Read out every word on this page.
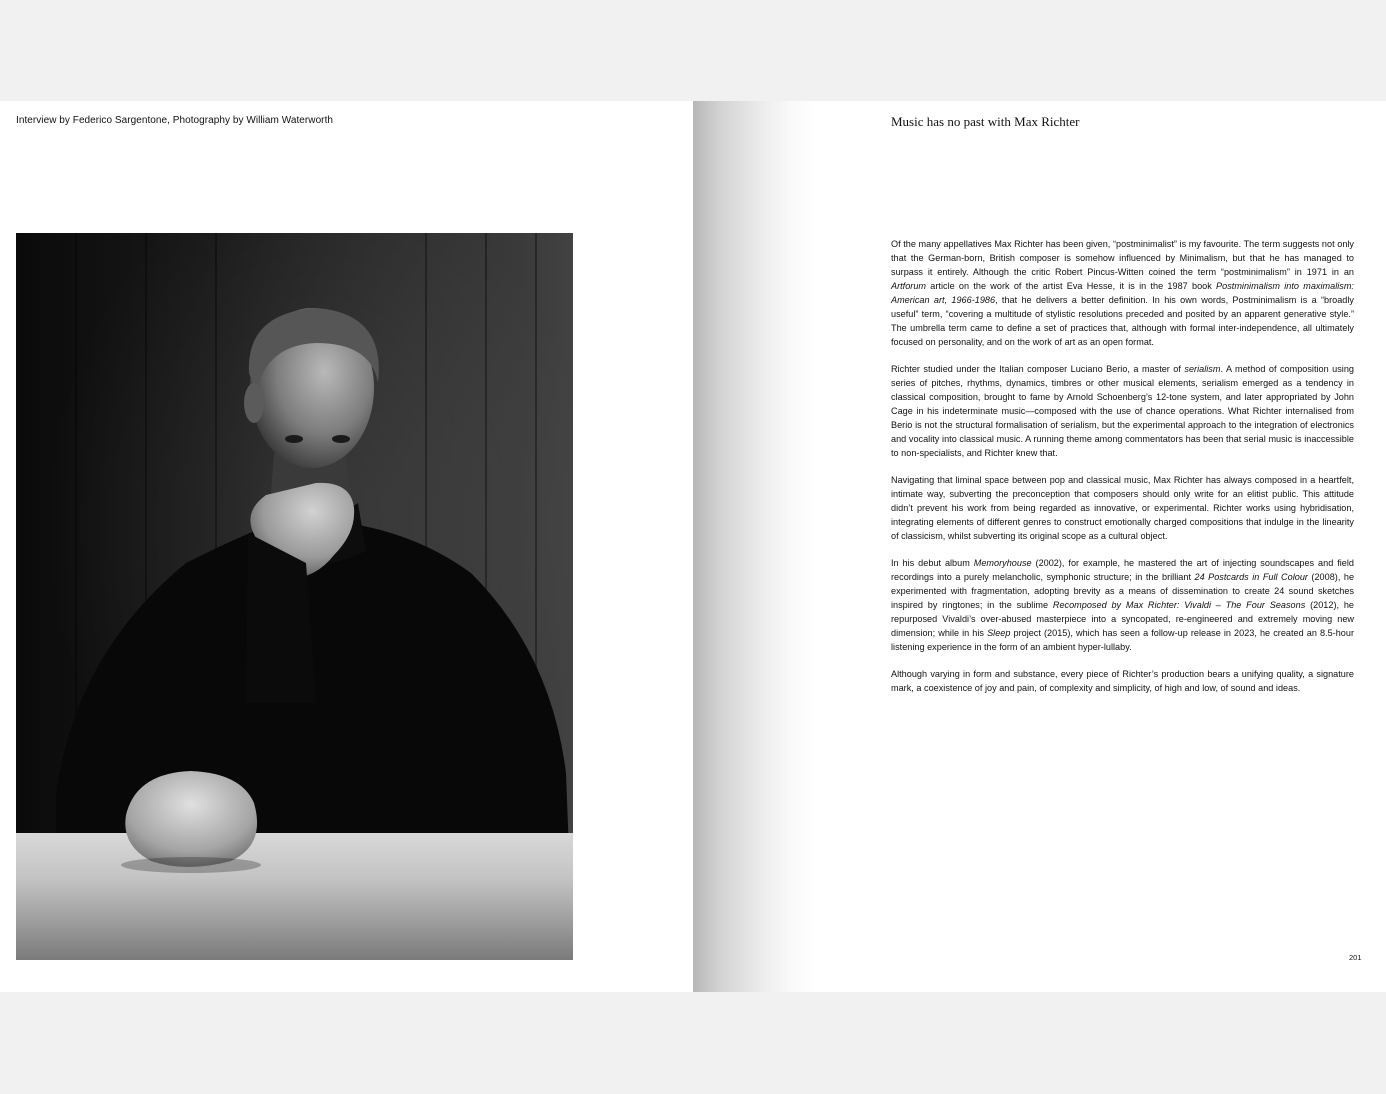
Interview by Federico Sargentone, Photography by William Waterworth	Music has no past with Max Richter

Of the many appellatives Max Richter has been given, “postminimalist” is my favourite. The term suggests not only that the German-born, British composer is somehow influenced by Minimalism, but that he has managed to surpass it entirely. Although the critic Robert Pincus-Witten coined the term “postminimalism” in 1971 in an Artforum article on the work of the artist Eva Hesse, it is in the 1987 book Postminimalism into maximalism: American art, 1966-1986, that he delivers a better definition. In his own words, Postminimalism is a “broadly useful” term, “covering a multitude of stylistic resolutions preceded and posited by an apparent generative style.” The umbrella term came to define a set of practices that, although with formal inter-independence, all ultimately focused on personality, and on the work of art as an open format.

Richter studied under the Italian composer Luciano Berio, a master of serialism. A method of composition using series of pitches, rhythms, dynamics, timbres or other musical elements, serialism emerged as a tendency in classical composition, brought to fame by Arnold Schoenberg’s 12-tone system, and later appropriated by John Cage in his indeterminate music—composed with the use of chance operations. What Richter internalised from Berio is not the structural formalisation of serialism, but the experimental approach to the integration of electronics and vocality into classical music. A running theme among commentators has been that serial music is inaccessible to non-specialists, and Richter knew that.

Navigating that liminal space between pop and classical music, Max Richter has always composed in a heartfelt, intimate way, subverting the preconception that composers should only write for an elitist public. This attitude didn’t prevent his work from being regarded as innovative, or experimental. Richter works using hybridisation, integrating elements of different genres to construct emotionally charged compositions that indulge in the linearity of classicism, whilst subverting its original scope as a cultural object.

In his debut album Memoryhouse (2002), for example, he mastered the art of injecting soundscapes and field recordings into a purely melancholic, symphonic structure; in the brilliant 24 Postcards in Full Colour (2008), he experimented with fragmentation, adopting brevity as a means of dissemination to create 24 sound sketches inspired by ringtones; in the sublime Recomposed by Max Richter: Vivaldi – The Four Seasons (2012), he repurposed Vivaldi’s over-abused masterpiece into a syncopated, re-engineered and extremely moving new dimension; while in his Sleep project (2015), which has seen a follow-up release in 2023, he created an 8.5-hour listening experience in the form of an ambient hyper-lullaby.

Although varying in form and substance, every piece of Richter’s production bears a unifying quality, a signature mark, a coexistence of joy and pain, of complexity and simplicity, of high and low, of sound and ideas.

201
